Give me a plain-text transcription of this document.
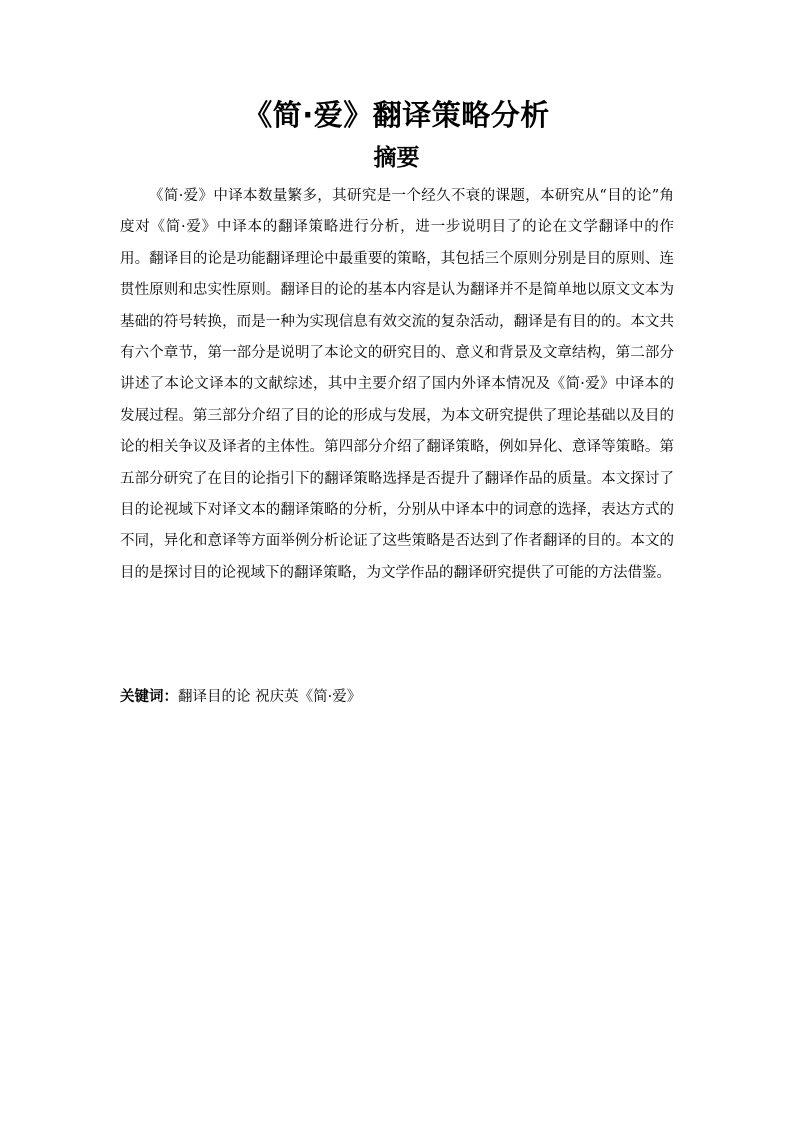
《简·爱》翻译策略分析
摘要

《简·爱》中译本数量繁多，其研究是一个经久不衰的课题，本研究从“目的论”角度对《简·爱》中译本的翻译策略进行分析，进一步说明目了的论在文学翻译中的作用。翻译目的论是功能翻译理论中最重要的策略，其包括三个原则分别是目的原则、连贯性原则和忠实性原则。翻译目的论的基本内容是认为翻译并不是简单地以原文文本为基础的符号转换，而是一种为实现信息有效交流的复杂活动，翻译是有目的的。本文共有六个章节，第一部分是说明了本论文的研究目的、意义和背景及文章结构，第二部分讲述了本论文译本的文献综述，其中主要介绍了国内外译本情况及《简·爱》中译本的发展过程。第三部分介绍了目的论的形成与发展，为本文研究提供了理论基础以及目的论的相关争议及译者的主体性。第四部分介绍了翻译策略，例如异化、意译等策略。第五部分研究了在目的论指引下的翻译策略选择是否提升了翻译作品的质量。本文探讨了目的论视域下对译文本的翻译策略的分析，分别从中译本中的词意的选择，表达方式的不同，异化和意译等方面举例分析论证了这些策略是否达到了作者翻译的目的。本文的目的是探讨目的论视域下的翻译策略，为文学作品的翻译研究提供了可能的方法借鉴。

关键词：翻译目的论 祝庆英《简·爱》
